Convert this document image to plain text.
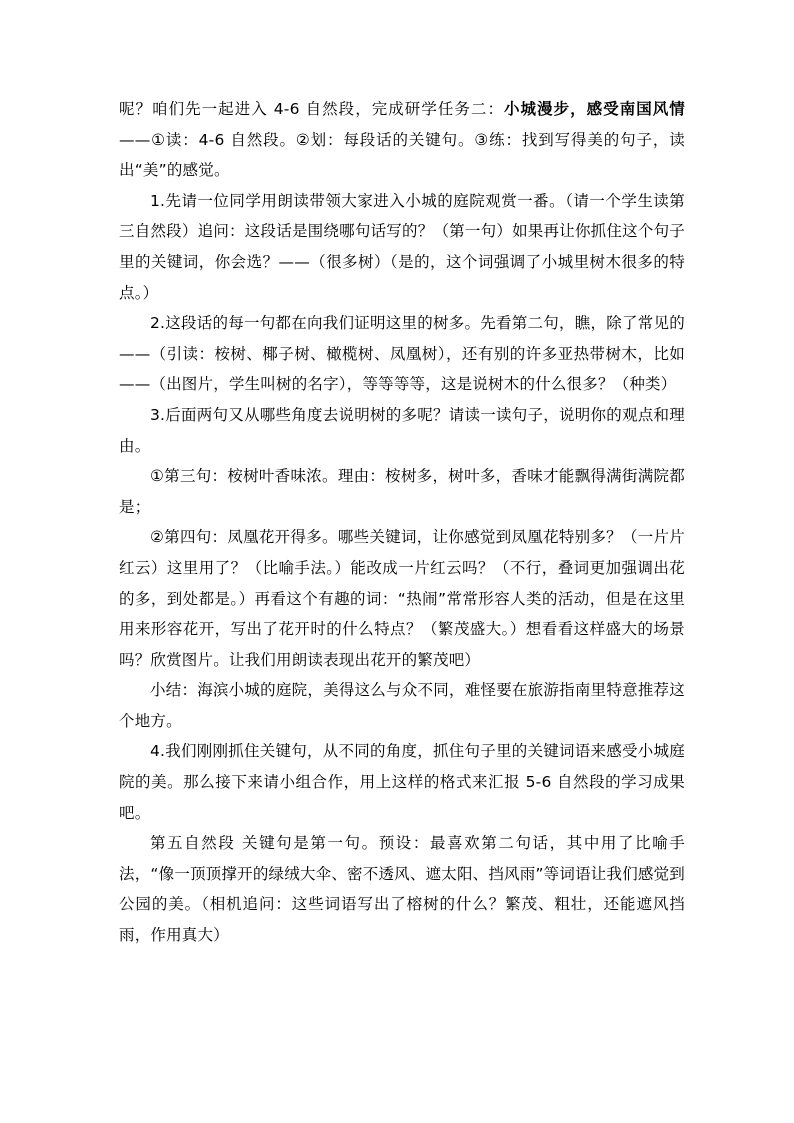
呢？咱们先一起进入 4-6 自然段，完成研学任务二：小城漫步，感受南国风情——①读：4-6 自然段。②划：每段话的关键句。③练：找到写得美的句子，读出“美”的感觉。

1.先请一位同学用朗读带领大家进入小城的庭院观赏一番。（请一个学生读第三自然段）追问：这段话是围绕哪句话写的？（第一句）如果再让你抓住这个句子里的关键词，你会选？——（很多树）（是的，这个词强调了小城里树木很多的特点。）

2.这段话的每一句都在向我们证明这里的树多。先看第二句，瞧，除了常见的——（引读：桉树、椰子树、橄榄树、凤凰树），还有别的许多亚热带树木，比如——（出图片，学生叫树的名字），等等等等，这是说树木的什么很多？（种类）

3.后面两句又从哪些角度去说明树的多呢？请读一读句子，说明你的观点和理由。

①第三句：桉树叶香味浓。理由：桉树多，树叶多，香味才能飘得满街满院都是；

②第四句：凤凰花开得多。哪些关键词，让你感觉到凤凰花特别多？（一片片红云）这里用了？（比喻手法。）能改成一片红云吗？（不行，叠词更加强调出花的多，到处都是。）再看这个有趣的词：“热闹”常常形容人类的活动，但是在这里用来形容花开，写出了花开时的什么特点？（繁茂盛大。）想看看这样盛大的场景吗？欣赏图片。让我们用朗读表现出花开的繁茂吧）

小结：海滨小城的庭院，美得这么与众不同，难怪要在旅游指南里特意推荐这个地方。

4.我们刚刚抓住关键句，从不同的角度，抓住句子里的关键词语来感受小城庭院的美。那么接下来请小组合作，用上这样的格式来汇报 5-6 自然段的学习成果吧。

第五自然段 关键句是第一句。预设：最喜欢第二句话，其中用了比喻手法，“像一顶顶撑开的绿绒大伞、密不透风、遮太阳、挡风雨”等词语让我们感觉到公园的美。（相机追问：这些词语写出了榕树的什么？繁茂、粗壮，还能遮风挡雨，作用真大）
